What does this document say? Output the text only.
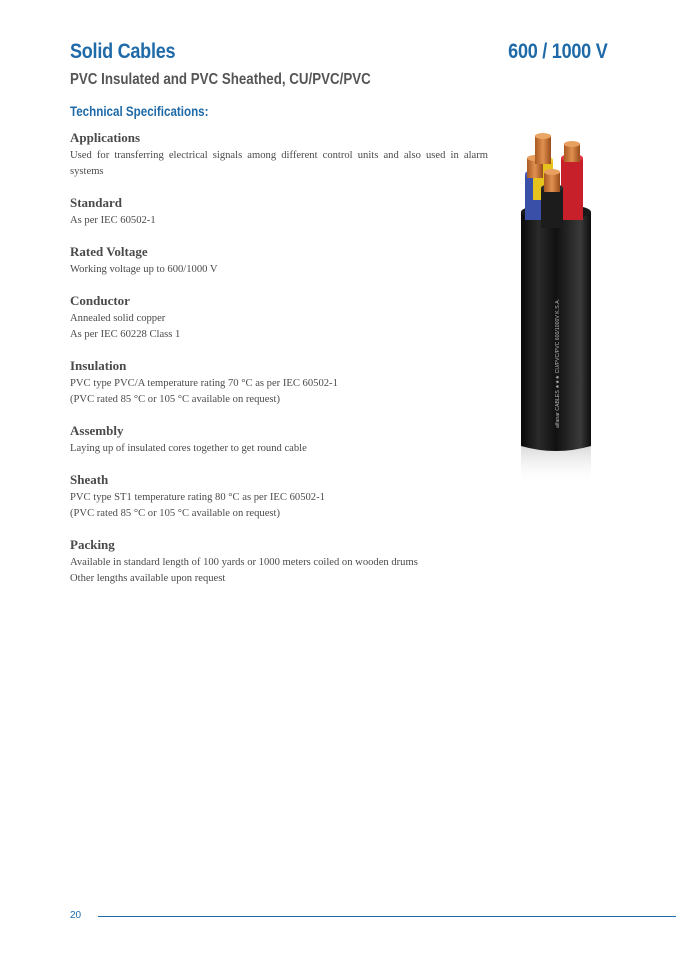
Solid Cables	600 / 1000 V
PVC Insulated and PVC Sheathed, CU/PVC/PVC
Technical Specifications:
Applications

Used for transferring electrical signals among different control units and also used in alarm systems

Standard

As per IEC 60502-1

Rated Voltage

Working voltage up to 600/1000 V

Conductor

Annealed solid copper

As per IEC 60228 Class 1

Insulation

PVC type PVC/A temperature rating 70 °C as per IEC 60502-1

(PVC rated 85 °C or 105 °C available on request)

Assembly

Laying up of insulated cores together to get round cable

Sheath

PVC type ST1 temperature rating 80 °C as per IEC 60502-1

(PVC rated 85 °C or 105 °C available on request)

Packing

Available in standard length of 100 yards or 1000 meters coiled on wooden drums

Other lengths available upon request

alfanar CABLES ★★★ CU/PVC/PVC 600/1000V K.S.A.
20
